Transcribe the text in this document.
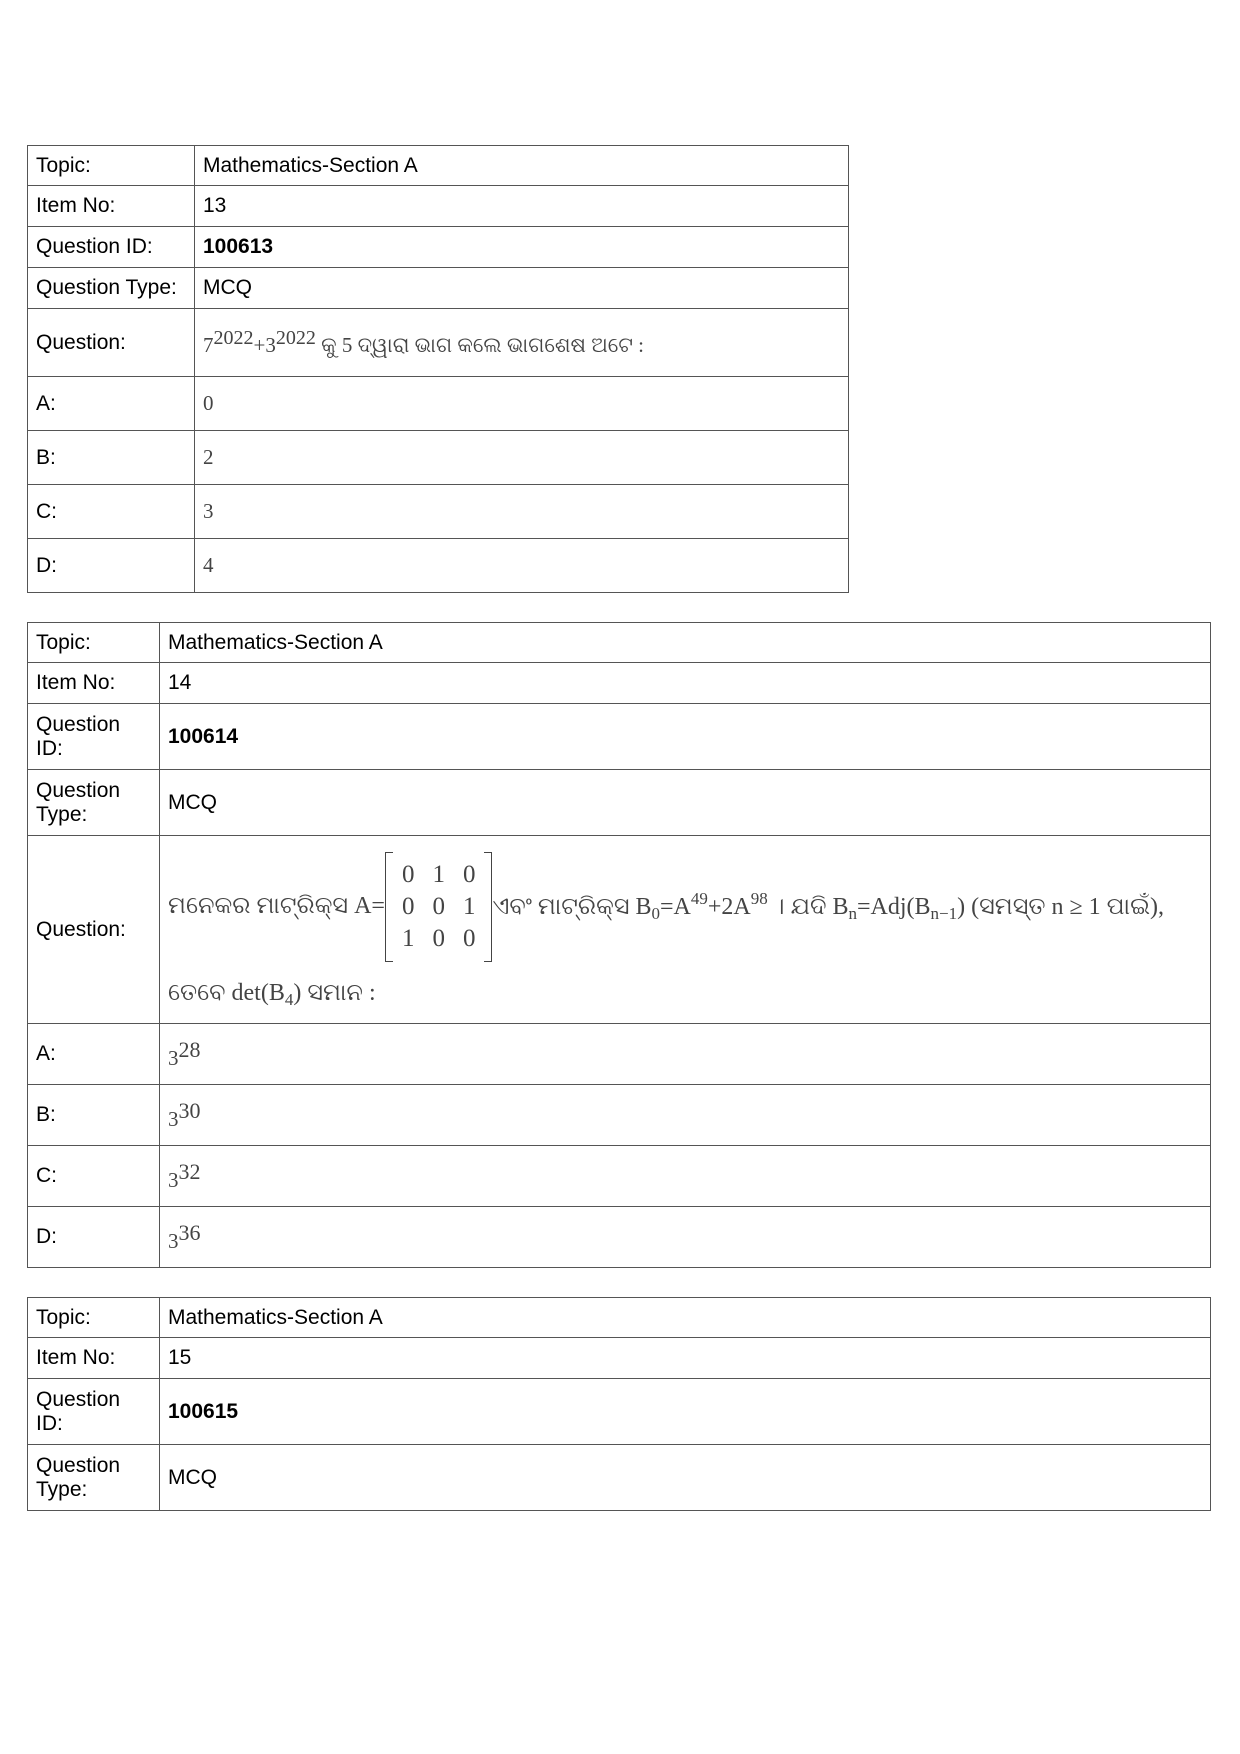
Topic:	Mathematics-Section A
Item No:	13
Question ID:	100613
Question Type:	MCQ
Question:	$7^{2022}+3^{2022}$ କୁ 5 ଦ୍ୱାରା ଭାଗ କଲେ ଭାଗଶେଷ ଅଟେ :
A:	0
B:	2
C:	3
D:	4
Topic:	Mathematics-Section A
Item No:	14
Question ID:	100614
Question Type:	MCQ
Question:	
ମନେକର ମାଟ୍ରିକ୍ସ A=
0	1	0
0	0	1
1	0	0
ଏବଂ ମାଟ୍ରିକ୍ସ $B_0=A^{49}+2A^{98}$ । ଯଦି $B_n=Adj(B_{n-1})$ (ସମସ୍ତ n ≥ 1 ପାଇଁ),
ତେବେ $\det(B_4)$ ସମାନ :

A:	$3^{28}$
B:	$3^{30}$
C:	$3^{32}$
D:	$3^{36}$
Topic:	Mathematics-Section A
Item No:	15
Question ID:	100615
Question Type:	MCQ
